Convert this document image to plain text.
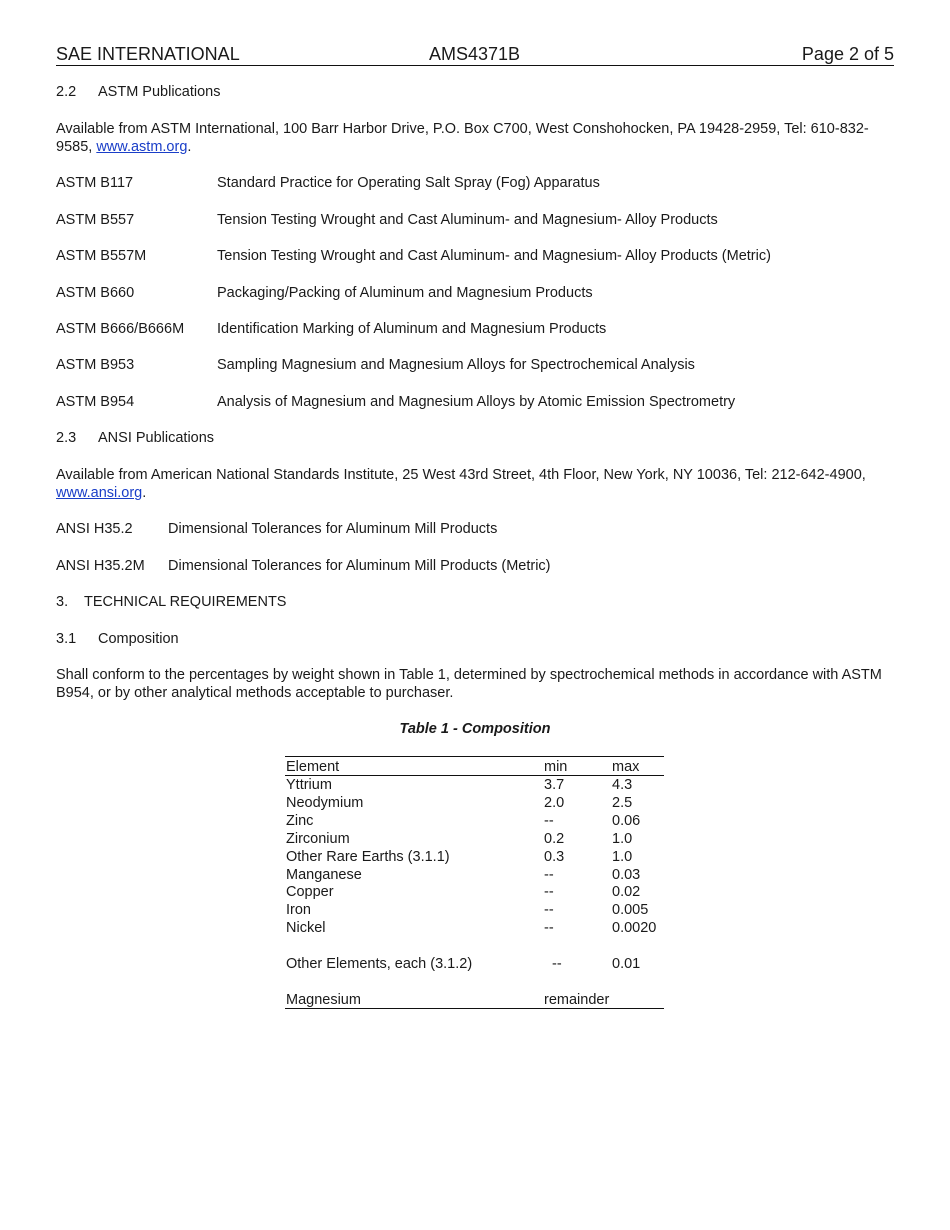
SAE INTERNATIONAL	AMS4371B	Page 2 of 5
2.2 ASTM Publications
Available from ASTM International, 100 Barr Harbor Drive, P.O. Box C700, West Conshohocken, PA 19428-2959, Tel: 610-832-9585, www.astm.org.
ASTM B117	Standard Practice for Operating Salt Spray (Fog) Apparatus
ASTM B557	Tension Testing Wrought and Cast Aluminum- and Magnesium- Alloy Products
ASTM B557M	Tension Testing Wrought and Cast Aluminum- and Magnesium- Alloy Products (Metric)
ASTM B660	Packaging/Packing of Aluminum and Magnesium Products
ASTM B666/B666M Identification Marking of Aluminum and Magnesium Products
ASTM B953	Sampling Magnesium and Magnesium Alloys for Spectrochemical Analysis
ASTM B954	Analysis of Magnesium and Magnesium Alloys by Atomic Emission Spectrometry
2.3 ANSI Publications
Available from American National Standards Institute, 25 West 43rd Street, 4th Floor, New York, NY 10036, Tel: 212-642-4900, www.ansi.org.
ANSI H35.2 Dimensional Tolerances for Aluminum Mill Products
ANSI H35.2M Dimensional Tolerances for Aluminum Mill Products (Metric)
3. TECHNICAL REQUIREMENTS
3.1 Composition
Shall conform to the percentages by weight shown in Table 1, determined by spectrochemical methods in accordance with ASTM B954, or by other analytical methods acceptable to purchaser.
Table 1 - Composition
Element	min	max
Yttrium	3.7	4.3
Neodymium	2.0	2.5
Zinc	--	0.06
Zirconium	0.2	1.0
Other Rare Earths (3.1.1)	0.3	1.0
Manganese	--	0.03
Copper	--	0.02
Iron	--	0.005
Nickel	--	0.0020
Other Elements, each (3.1.2)	--	0.01
Magnesium	remainder
